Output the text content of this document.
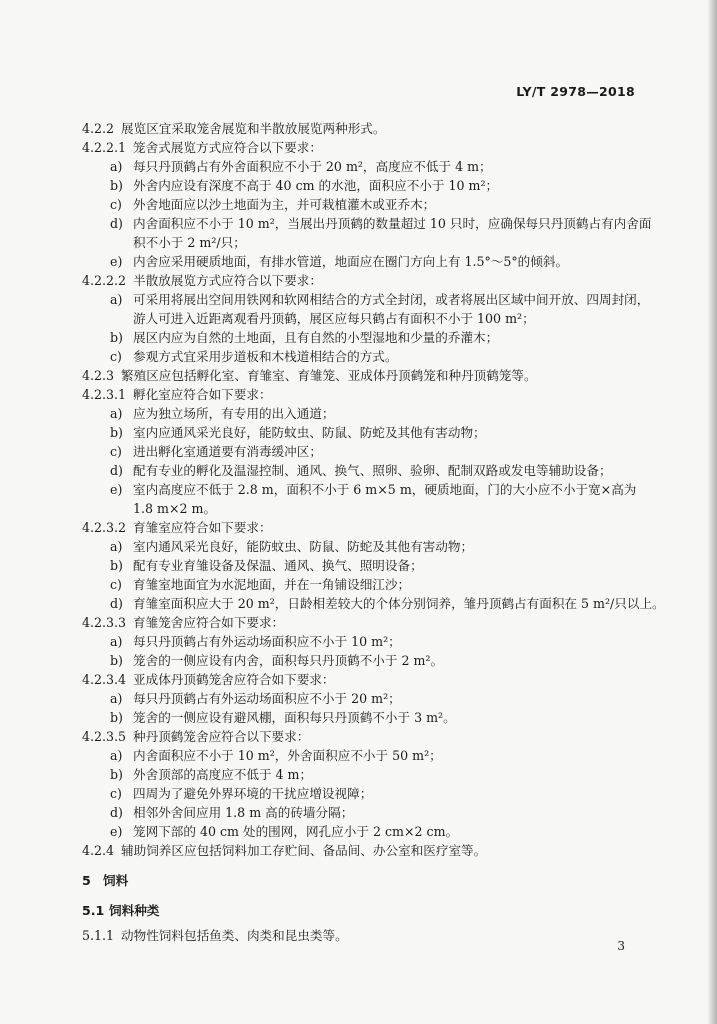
LY/T 2978—2018
4.2.2 展览区宜采取笼舍展览和半散放展览两种形式。
4.2.2.1 笼舍式展览方式应符合以下要求：
a) 每只丹顶鹤占有外舍面积应不小于 20 m²，高度应不低于 4 m；
b) 外舍内应设有深度不高于 40 cm 的水池，面积应不小于 10 m²；
c) 外舍地面应以沙土地面为主，并可栽植灌木或亚乔木；
d) 内舍面积应不小于 10 m²，当展出丹顶鹤的数量超过 10 只时，应确保每只丹顶鹤占有内舍面
积不小于 2 m²/只；
e) 内舍应采用硬质地面，有排水管道，地面应在圈门方向上有 1.5°～5°的倾斜。
4.2.2.2 半散放展览方式应符合以下要求：
a) 可采用将展出空间用铁网和软网相结合的方式全封闭，或者将展出区域中间开放、四周封闭，
游人可进入近距离观看丹顶鹤，展区应每只鹤占有面积不小于 100 m²；
b) 展区内应为自然的土地面，且有自然的小型湿地和少量的乔灌木；
c) 参观方式宜采用步道板和木栈道相结合的方式。
4.2.3 繁殖区应包括孵化室、育雏室、育雏笼、亚成体丹顶鹤笼和种丹顶鹤笼等。
4.2.3.1 孵化室应符合如下要求：
a) 应为独立场所，有专用的出入通道；
b) 室内应通风采光良好，能防蚊虫、防鼠、防蛇及其他有害动物；
c) 进出孵化室通道要有消毒缓冲区；
d) 配有专业的孵化及温湿控制、通风、换气、照卵、验卵、配制双路或发电等辅助设备；
e) 室内高度应不低于 2.8 m，面积不小于 6 m×5 m，硬质地面，门的大小应不小于宽×高为
1.8 m×2 m。
4.2.3.2 育雏室应符合如下要求：
a) 室内通风采光良好，能防蚊虫、防鼠、防蛇及其他有害动物；
b) 配有专业育雏设备及保温、通风、换气、照明设备；
c) 育雏室地面宜为水泥地面，并在一角铺设细江沙；
d) 育雏室面积应大于 20 m²，日龄相差较大的个体分别饲养，雏丹顶鹤占有面积在 5 m²/只以上。
4.2.3.3 育雏笼舍应符合如下要求：
a) 每只丹顶鹤占有外运动场面积应不小于 10 m²；
b) 笼舍的一侧应设有内舍，面积每只丹顶鹤不小于 2 m²。
4.2.3.4 亚成体丹顶鹤笼舍应符合如下要求：
a) 每只丹顶鹤占有外运动场面积应不小于 20 m²；
b) 笼舍的一侧应设有避风棚，面积每只丹顶鹤不小于 3 m²。
4.2.3.5 种丹顶鹤笼舍应符合以下要求：
a) 内舍面积应不小于 10 m²，外舍面积应不小于 50 m²；
b) 外舍顶部的高度应不低于 4 m；
c) 四周为了避免外界环境的干扰应增设视障；
d) 相邻外舍间应用 1.8 m 高的砖墙分隔；
e) 笼网下部的 40 cm 处的围网，网孔应小于 2 cm×2 cm。
4.2.4 辅助饲养区应包括饲料加工存贮间、备品间、办公室和医疗室等。
5 饲料
5.1 饲料种类
5.1.1 动物性饲料包括鱼类、肉类和昆虫类等。
3
